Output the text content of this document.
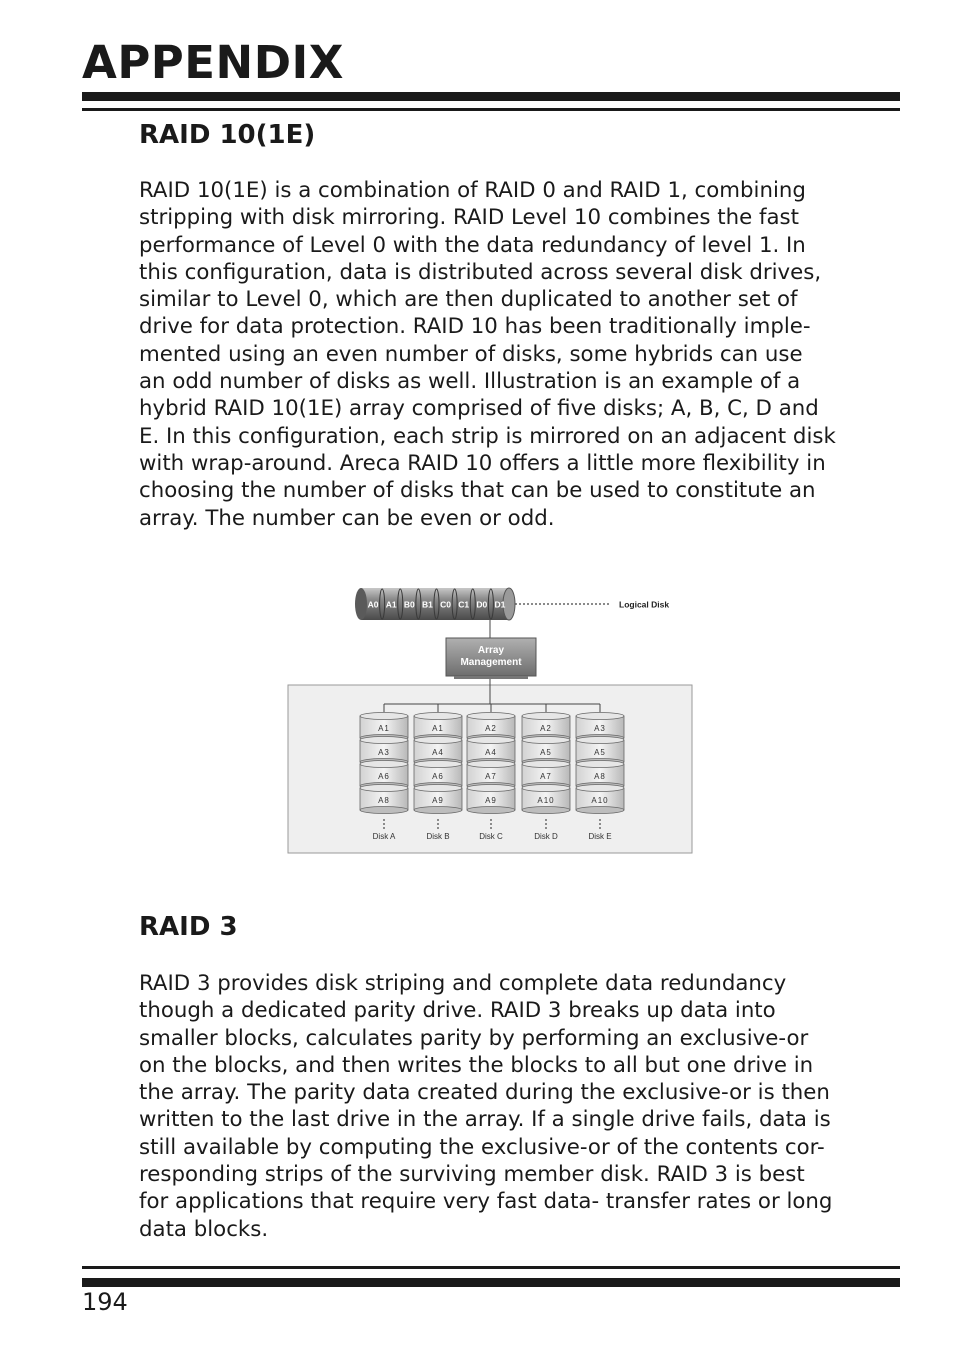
APPENDIX
RAID 10(1E)
RAID 10(1E) is a combination of RAID 0 and RAID 1, combining
stripping with disk mirroring. RAID Level 10 combines the fast
performance of Level 0 with the data redundancy of level 1. In
this configuration, data is distributed across several disk drives,
similar to Level 0, which are then duplicated to another set of
drive for data protection. RAID 10 has been traditionally imple-
mented using an even number of disks, some hybrids can use
an odd number of disks as well. Illustration is an example of a
hybrid RAID 10(1E) array comprised of five disks; A, B, C, D and
E. In this configuration, each strip is mirrored on an adjacent disk
with wrap-around. Areca RAID 10 offers a little more flexibility in
choosing the number of disks that can be used to constitute an
array. The number can be even or odd.
A0 A1 B0 B1 C0 C1 D0 D1	Logical Disk
Array
Management
A1
A3
A6
A8
Disk A
A1
A4
A6
A9
Disk B
A2
A4
A7
A9
Disk C
A2
A5
A7
A10
Disk D
A3
A5
A8
A10
Disk E
RAID 3
RAID 3 provides disk striping and complete data redundancy
though a dedicated parity drive. RAID 3 breaks up data into
smaller blocks, calculates parity by performing an exclusive-or
on the blocks, and then writes the blocks to all but one drive in
the array. The parity data created during the exclusive-or is then
written to the last drive in the array. If a single drive fails, data is
still available by computing the exclusive-or of the contents cor-
responding strips of the surviving member disk. RAID 3 is best
for applications that require very fast data- transfer rates or long
data blocks.

194
